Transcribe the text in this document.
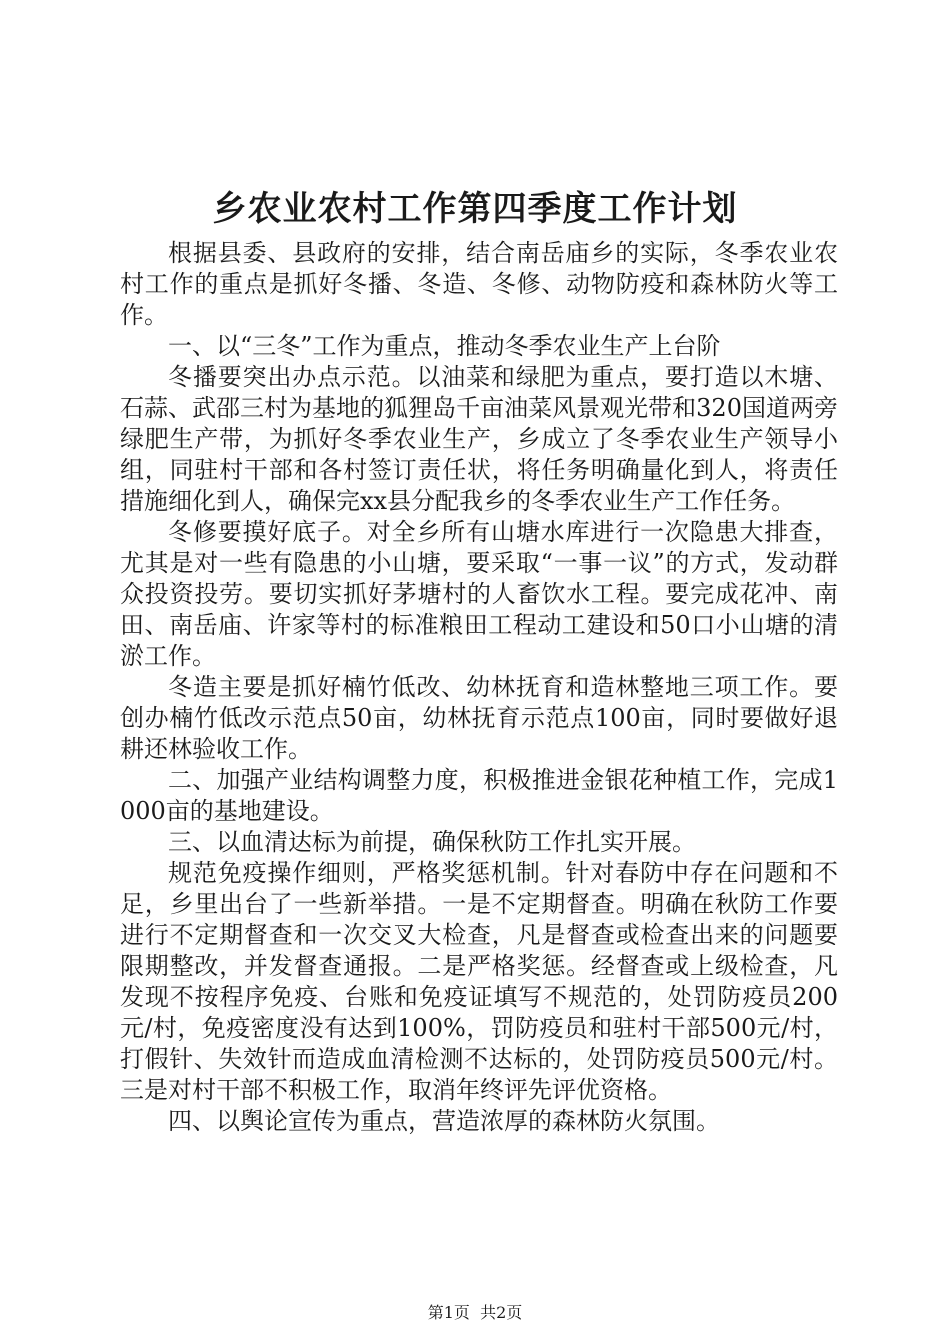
乡农业农村工作第四季度工作计划

根据县委、县政府的安排，结合南岳庙乡的实际，冬季农业农村工作的重点是抓好冬播、冬造、冬修、动物防疫和森林防火等工作。

一、以“三冬”工作为重点，推动冬季农业生产上台阶

冬播要突出办点示范。以油菜和绿肥为重点，要打造以木塘、石蒜、武邵三村为基地的狐狸岛千亩油菜风景观光带和320国道两旁绿肥生产带，为抓好冬季农业生产，乡成立了冬季农业生产领导小组，同驻村干部和各村签订责任状，将任务明确量化到人，将责任措施细化到人，确保完xx县分配我乡的冬季农业生产工作任务。

冬修要摸好底子。对全乡所有山塘水库进行一次隐患大排查，尤其是对一些有隐患的小山塘，要采取“一事一议”的方式，发动群众投资投劳。要切实抓好茅塘村的人畜饮水工程。要完成花冲、南田、南岳庙、许家等村的标准粮田工程动工建设和50口小山塘的清淤工作。

冬造主要是抓好楠竹低改、幼林抚育和造林整地三项工作。要创办楠竹低改示范点50亩，幼林抚育示范点100亩，同时要做好退耕还林验收工作。

二、加强产业结构调整力度，积极推进金银花种植工作，完成1000亩的基地建设。

三、以血清达标为前提，确保秋防工作扎实开展。

规范免疫操作细则，严格奖惩机制。针对春防中存在问题和不足，乡里出台了一些新举措。一是不定期督查。明确在秋防工作要进行不定期督查和一次交叉大检查，凡是督查或检查出来的问题要限期整改，并发督查通报。二是严格奖惩。经督查或上级检查，凡发现不按程序免疫、台账和免疫证填写不规范的，处罚防疫员200元/村，免疫密度没有达到100%，罚防疫员和驻村干部500元/村，打假针、失效针而造成血清检测不达标的，处罚防疫员500元/村。三是对村干部不积极工作，取消年终评先评优资格。

四、以舆论宣传为重点，营造浓厚的森林防火氛围。

第1页 共2页
